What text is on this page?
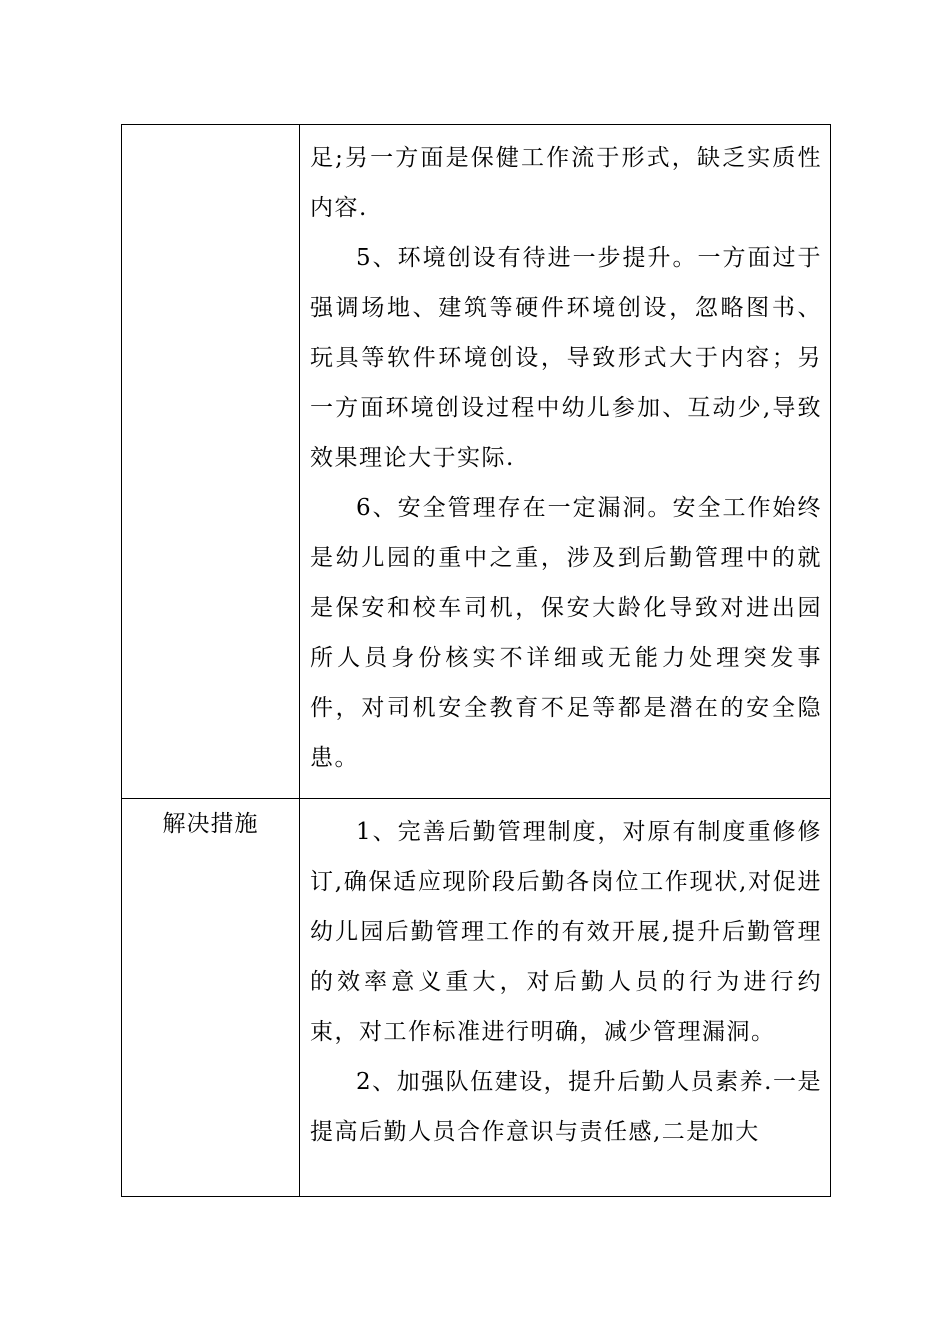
	足;另一方面是保健工作流于形式，缺乏实质性内容.

5、环境创设有待进一步提升。一方面过于强调场地、建筑等硬件环境创设，忽略图书、玩具等软件环境创设，导致形式大于内容；另一方面环境创设过程中幼儿参加、互动少,导致效果理论大于实际.

6、安全管理存在一定漏洞。安全工作始终是幼儿园的重中之重，涉及到后勤管理中的就是保安和校车司机，保安大龄化导致对进出园所人员身份核实不详细或无能力处理突发事件，对司机安全教育不足等都是潜在的安全隐患。

解决措施	1、完善后勤管理制度，对原有制度重修修订,确保适应现阶段后勤各岗位工作现状,对促进幼儿园后勤管理工作的有效开展,提升后勤管理的效率意义重大，对后勤人员的行为进行约束，对工作标准进行明确，减少管理漏洞。

2、加强队伍建设，提升后勤人员素养.一是提高后勤人员合作意识与责任感,二是加大
